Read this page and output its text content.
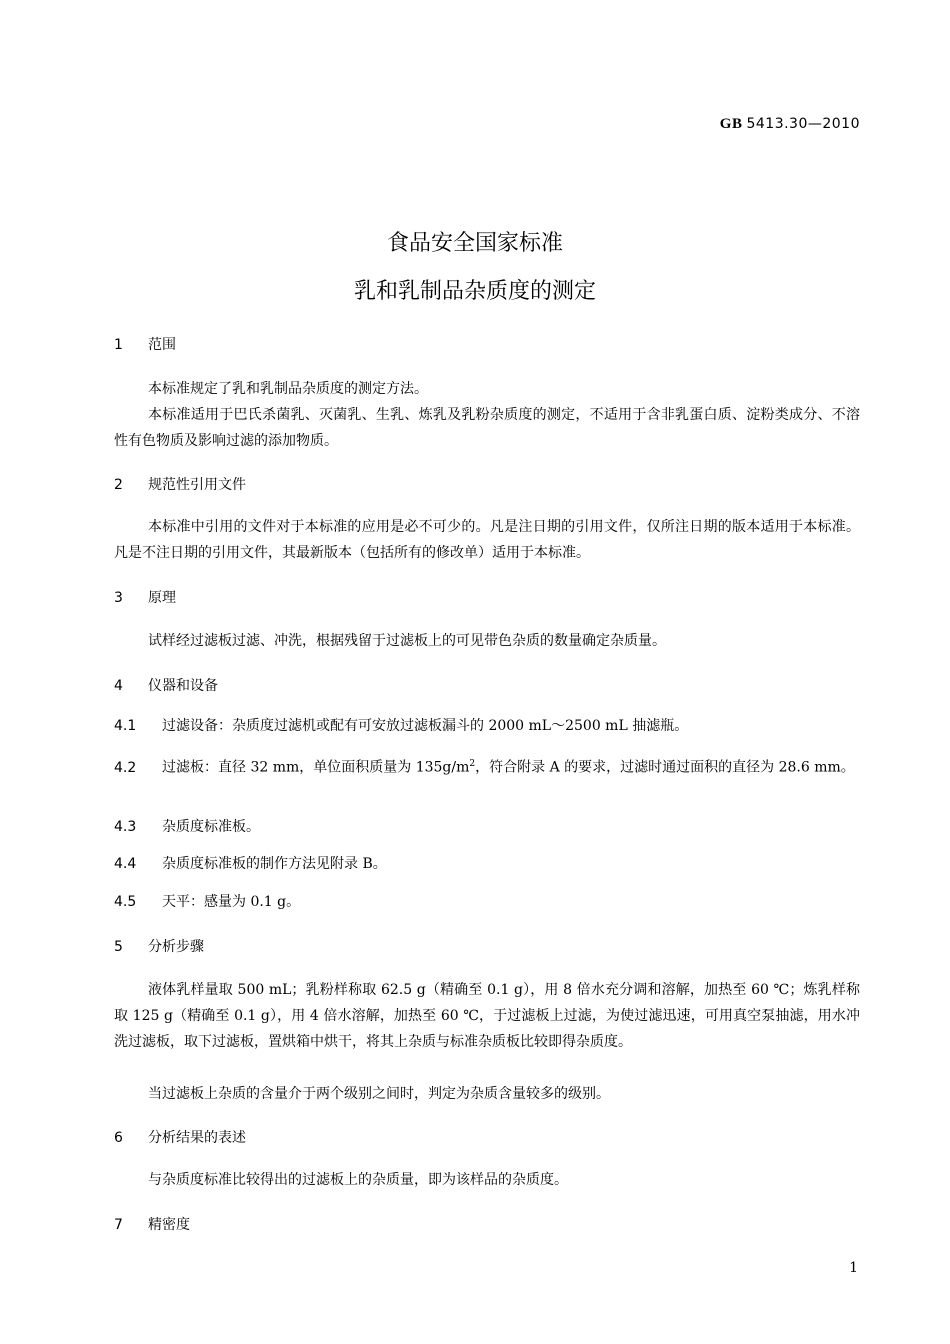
GB 5413.30—2010
食品安全国家标准
乳和乳制品杂质度的测定
1 范围
本标准规定了乳和乳制品杂质度的测定方法。
本标准适用于巴氏杀菌乳、灭菌乳、生乳、炼乳及乳粉杂质度的测定，不适用于含非乳蛋白质、淀粉类成分、不溶性有色物质及影响过滤的添加物质。
2 规范性引用文件
本标准中引用的文件对于本标准的应用是必不可少的。凡是注日期的引用文件，仅所注日期的版本适用于本标准。凡是不注日期的引用文件，其最新版本（包括所有的修改单）适用于本标准。
3 原理
试样经过滤板过滤、冲洗，根据残留于过滤板上的可见带色杂质的数量确定杂质量。
4 仪器和设备
4.1 过滤设备：杂质度过滤机或配有可安放过滤板漏斗的 2000 mL～2500 mL 抽滤瓶。
4.2 过滤板：直径 32 mm，单位面积质量为 $135g/m^2$，符合附录 A 的要求，过滤时通过面积的直径为 28.6 mm。
4.3 杂质度标准板。
4.4 杂质度标准板的制作方法见附录 B。
4.5 天平：感量为 0.1 g。
5 分析步骤
液体乳样量取 500 mL；乳粉样称取 62.5 g（精确至 0.1 g），用 8 倍水充分调和溶解，加热至 60 ℃；炼乳样称取 125 g（精确至 0.1 g），用 4 倍水溶解，加热至 60 ℃，于过滤板上过滤，为使过滤迅速，可用真空泵抽滤，用水冲洗过滤板，取下过滤板，置烘箱中烘干，将其上杂质与标准杂质板比较即得杂质度。
当过滤板上杂质的含量介于两个级别之间时，判定为杂质含量较多的级别。
6 分析结果的表述
与杂质度标准比较得出的过滤板上的杂质量，即为该样品的杂质度。
7 精密度
1
